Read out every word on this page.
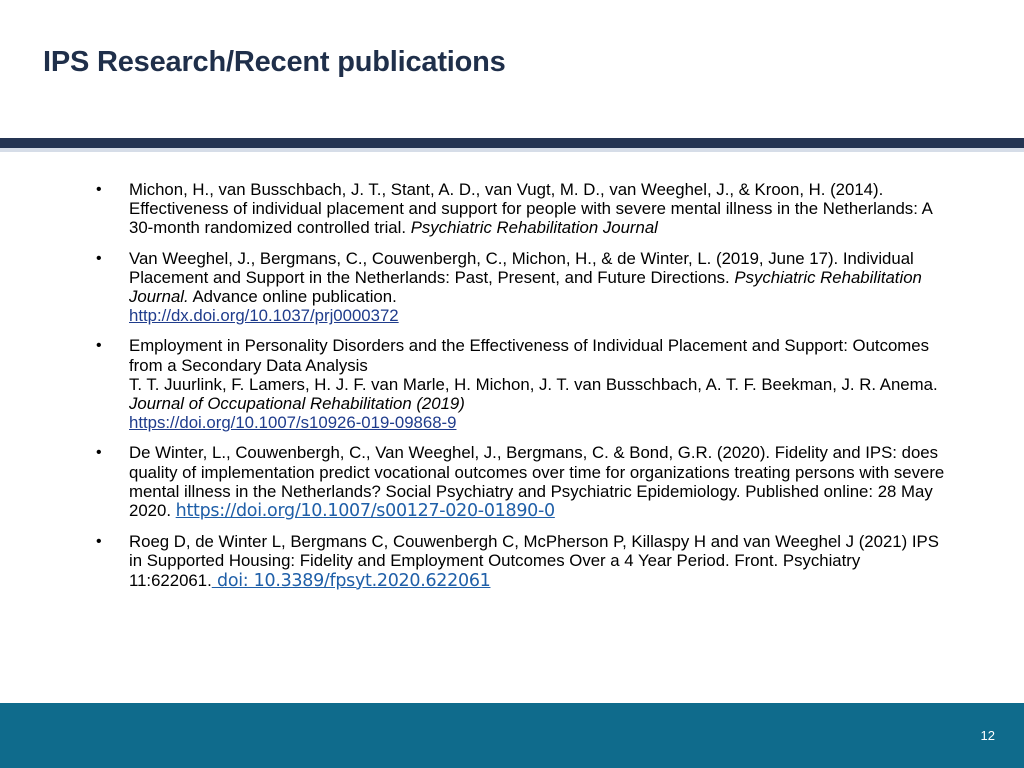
IPS Research/Recent publications
• Michon, H., van Busschbach, J. T., Stant, A. D., van Vugt, M. D., van Weeghel, J., & Kroon, H. (2014). Effectiveness of individual placement and support for people with severe mental illness in the Netherlands: A 30-month randomized controlled trial. Psychiatric Rehabilitation Journal
• Van Weeghel, J., Bergmans, C., Couwenbergh, C., Michon, H., & de Winter, L. (2019, June 17). Individual Placement and Support in the Netherlands: Past, Present, and Future Directions. Psychiatric Rehabilitation Journal. Advance online publication.
http://dx.doi.org/10.1037/prj0000372
• Employment in Personality Disorders and the Effectiveness of Individual Placement and Support: Outcomes from a Secondary Data Analysis
T. T. Juurlink, F. Lamers, H. J. F. van Marle, H. Michon, J. T. van Busschbach, A. T. F. Beekman, J. R. Anema.   Journal of Occupational Rehabilitation (2019)
https://doi.org/10.1007/s10926-019-09868-9
• De Winter, L., Couwenbergh, C., Van Weeghel, J., Bergmans, C. & Bond, G.R. (2020). Fidelity and IPS: does quality of implementation predict vocational outcomes over time for organizations treating persons with severe mental illness in the Netherlands? Social Psychiatry and Psychiatric Epidemiology. Published online: 28 May 2020. https://doi.org/10.1007/s00127-020-01890-0
• Roeg D, de Winter L, Bergmans C, Couwenbergh C, McPherson P, Killaspy H and van Weeghel J (2021) IPS in Supported Housing: Fidelity and Employment Outcomes Over a 4 Year Period. Front. Psychiatry 11:622061. doi: 10.3389/fpsyt.2020.622061
12
